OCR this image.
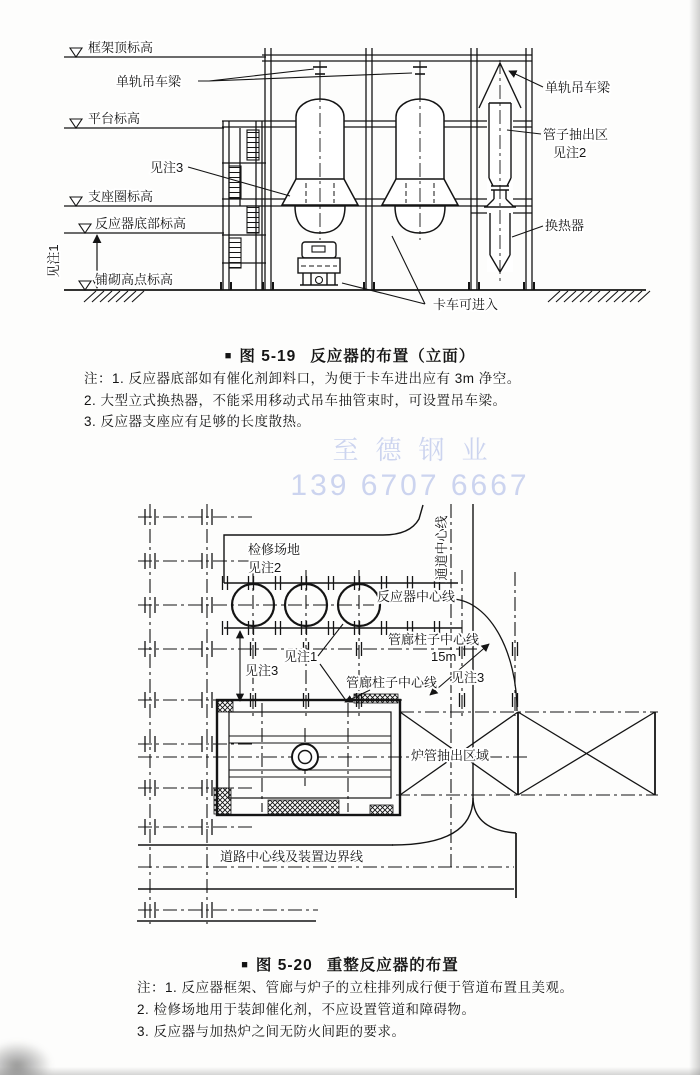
框架顶标高
单轨吊车梁
平台标高
见注3
支座圈标高
反应器底部标高
见注1
铺砌高点标高
单轨吊车梁
管子抽出区
见注2
换热器
卡车可进入
■ 图 5-19 反应器的布置（立面）
注：1. 反应器底部如有催化剂卸料口，为便于卡车进出应有 3m 净空。
2. 大型立式换热器，不能采用移动式吊车抽管束时，可设置吊车梁。
3. 反应器支座应有足够的长度散热。
至德钢业
139 6707 6667
检修场地
见注2	通道中心线
反应器中心线
管廊柱子中心线
15m
见注3
管廊柱子中心线
见注1
见注3
炉管抽出区域
道路中心线及装置边界线
■ 图 5-20 重整反应器的布置
注：1. 反应器框架、管廊与炉子的立柱排列成行便于管道布置且美观。
2. 检修场地用于装卸催化剂，不应设置管道和障碍物。
3. 反应器与加热炉之间无防火间距的要求。
